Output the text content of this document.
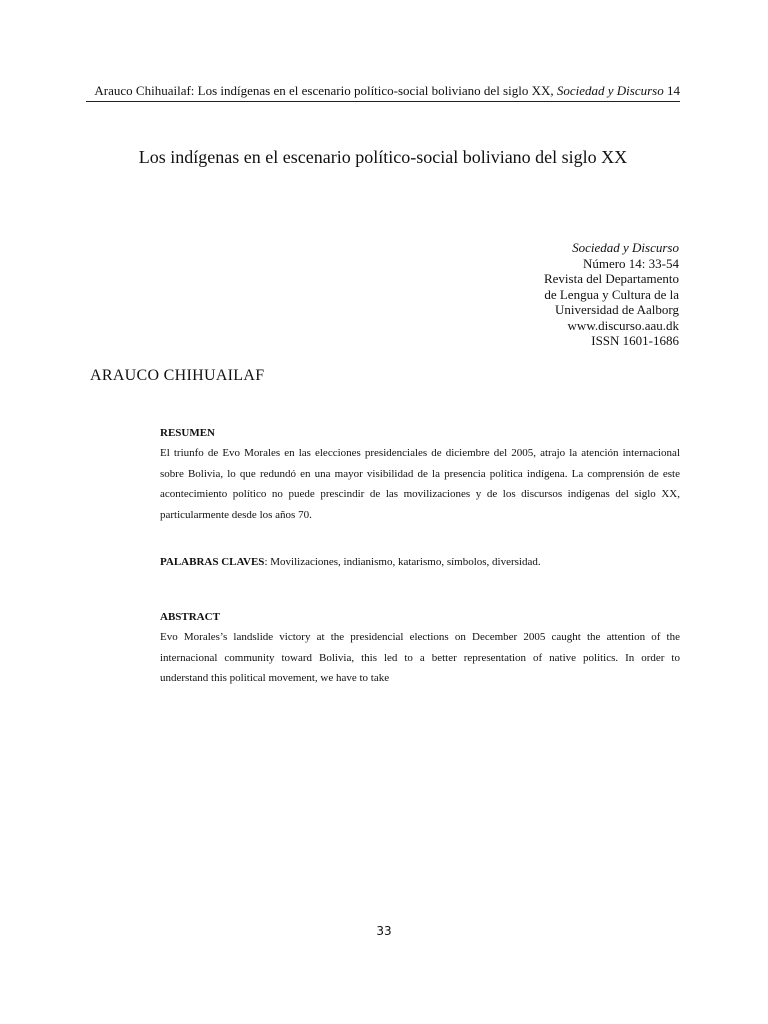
Arauco Chihuailaf: Los indígenas en el escenario político-social boliviano del siglo XX, Sociedad y Discurso 14
Los indígenas en el escenario político-social boliviano del siglo XX
Sociedad y Discurso
Número 14: 33-54
Revista del Departamento
de Lengua y Cultura de la
Universidad de Aalborg
www.discurso.aau.dk
ISSN 1601-1686
ARAUCO CHIHUAILAF
RESUMEN
El triunfo de Evo Morales en las elecciones presidenciales de diciembre del 2005, atrajo la atención internacional
sobre Bolivia, lo que redundó en una mayor visibilidad de la presencia política indígena. La comprensión de este
acontecimiento político no puede prescindir de las movilizaciones y de los discursos indígenas del siglo XX,
particularmente desde los años 70.
PALABRAS CLAVES: Movilizaciones, indianismo, katarismo, símbolos, diversidad.
ABSTRACT
Evo Morales’s landslide victory at the presidencial elections on December 2005 caught the attention of the
internacional community toward Bolivia, this led to a better representation of native politics. In order to
understand this political movement, we have to take
33
